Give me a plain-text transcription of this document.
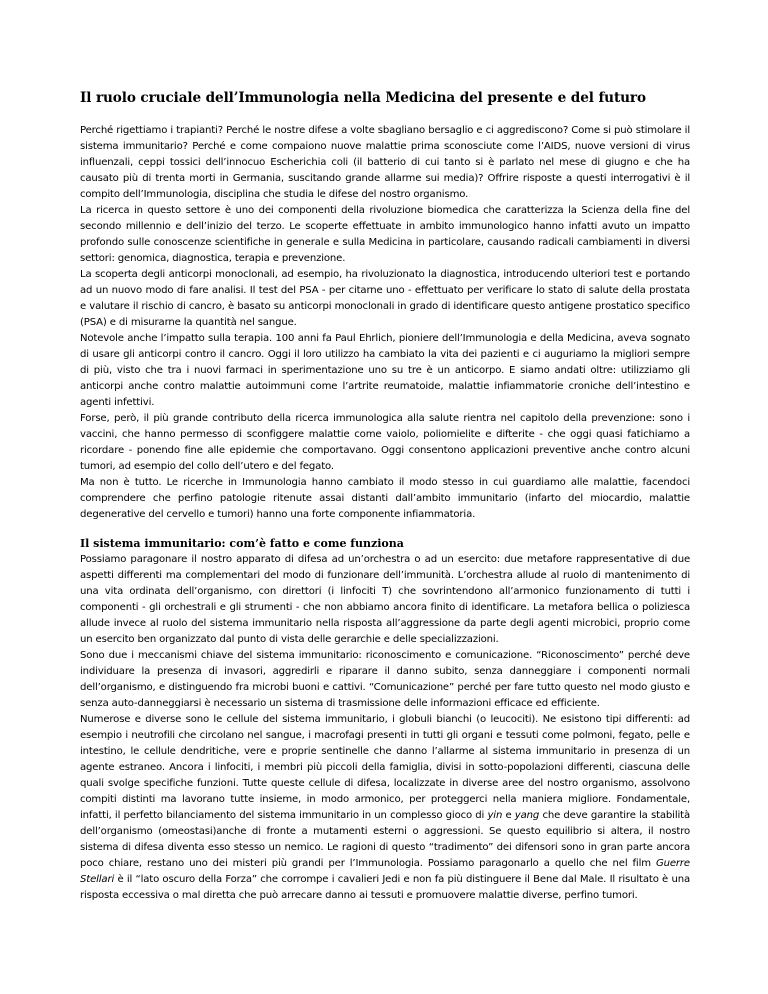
Il ruolo cruciale dell’Immunologia nella Medicina del presente e del futuro

Perché rigettiamo i trapianti? Perché le nostre difese a volte sbagliano bersaglio e ci aggrediscono? Come si può stimolare il sistema immunitario? Perché e come compaiono nuove malattie prima sconosciute come l’AIDS, nuove versioni di virus influenzali, ceppi tossici dell’innocuo Escherichia coli (il batterio di cui tanto si è parlato nel mese di giugno e che ha causato più di trenta morti in Germania, suscitando grande allarme sui media)? Offrire risposte a questi interrogativi è il compito dell’Immunologia, disciplina che studia le difese del nostro organismo.

La ricerca in questo settore è uno dei componenti della rivoluzione biomedica che caratterizza la Scienza della fine del secondo millennio e dell’inizio del terzo. Le scoperte effettuate in ambito immunologico hanno infatti avuto un impatto profondo sulle conoscenze scientifiche in generale e sulla Medicina in particolare, causando radicali cambiamenti in diversi settori: genomica, diagnostica, terapia e prevenzione.

La scoperta degli anticorpi monoclonali, ad esempio, ha rivoluzionato la diagnostica, introducendo ulteriori test e portando ad un nuovo modo di fare analisi. Il test del PSA - per citarne uno - effettuato per verificare lo stato di salute della prostata e valutare il rischio di cancro, è basato su anticorpi monoclonali in grado di identificare questo antigene prostatico specifico (PSA) e di misurarne la quantità nel sangue.

Notevole anche l’impatto sulla terapia. 100 anni fa Paul Ehrlich, pioniere dell’Immunologia e della Medicina, aveva sognato di usare gli anticorpi contro il cancro. Oggi il loro utilizzo ha cambiato la vita dei pazienti e ci auguriamo la migliori sempre di più, visto che tra i nuovi farmaci in sperimentazione uno su tre è un anticorpo. E siamo andati oltre: utilizziamo gli anticorpi anche contro malattie autoimmuni come l’artrite reumatoide, malattie infiammatorie croniche dell’intestino e agenti infettivi.

Forse, però, il più grande contributo della ricerca immunologica alla salute rientra nel capitolo della prevenzione: sono i vaccini, che hanno permesso di sconfiggere malattie come vaiolo, poliomielite e difterite - che oggi quasi fatichiamo a ricordare - ponendo fine alle epidemie che comportavano. Oggi consentono applicazioni preventive anche contro alcuni tumori, ad esempio del collo dell’utero e del fegato.

Ma non è tutto. Le ricerche in Immunologia hanno cambiato il modo stesso in cui guardiamo alle malattie, facendoci comprendere che perfino patologie ritenute assai distanti dall’ambito immunitario (infarto del miocardio, malattie degenerative del cervello e tumori) hanno una forte componente infiammatoria.

Il sistema immunitario: com’è fatto e come funziona

Possiamo paragonare il nostro apparato di difesa ad un’orchestra o ad un esercito: due metafore rappresentative di due aspetti differenti ma complementari del modo di funzionare dell’immunità. L’orchestra allude al ruolo di mantenimento di una vita ordinata dell’organismo, con direttori (i linfociti T) che sovrintendono all’armonico funzionamento di tutti i componenti - gli orchestrali e gli strumenti - che non abbiamo ancora finito di identificare. La metafora bellica o poliziesca allude invece al ruolo del sistema immunitario nella risposta all’aggressione da parte degli agenti microbici, proprio come un esercito ben organizzato dal punto di vista delle gerarchie e delle specializzazioni.

Sono due i meccanismi chiave del sistema immunitario: riconoscimento e comunicazione. “Riconoscimento” perché deve individuare la presenza di invasori, aggredirli e riparare il danno subito, senza danneggiare i componenti normali dell’organismo, e distinguendo fra microbi buoni e cattivi. “Comunicazione” perché per fare tutto questo nel modo giusto e senza auto-danneggiarsi è necessario un sistema di trasmissione delle informazioni efficace ed efficiente.

Numerose e diverse sono le cellule del sistema immunitario, i globuli bianchi (o leucociti). Ne esistono tipi differenti: ad esempio i neutrofili che circolano nel sangue, i macrofagi presenti in tutti gli organi e tessuti come polmoni, fegato, pelle e intestino, le cellule dendritiche, vere e proprie sentinelle che danno l’allarme al sistema immunitario in presenza di un agente estraneo. Ancora i linfociti, i membri più piccoli della famiglia, divisi in sotto-popolazioni differenti, ciascuna delle quali svolge specifiche funzioni. Tutte queste cellule di difesa, localizzate in diverse aree del nostro organismo, assolvono compiti distinti ma lavorano tutte insieme, in modo armonico, per proteggerci nella maniera migliore. Fondamentale, infatti, il perfetto bilanciamento del sistema immunitario in un complesso gioco di yin e yang che deve garantire la stabilità dell’organismo (omeostasi)anche di fronte a mutamenti esterni o aggressioni. Se questo equilibrio si altera, il nostro sistema di difesa diventa esso stesso un nemico. Le ragioni di questo “tradimento” dei difensori sono in gran parte ancora poco chiare, restano uno dei misteri più grandi per l’Immunologia. Possiamo paragonarlo a quello che nel film Guerre Stellari è il “lato oscuro della Forza” che corrompe i cavalieri Jedi e non fa più distinguere il Bene dal Male. Il risultato è una risposta eccessiva o mal diretta che può arrecare danno ai tessuti e promuovere malattie diverse, perfino tumori.
